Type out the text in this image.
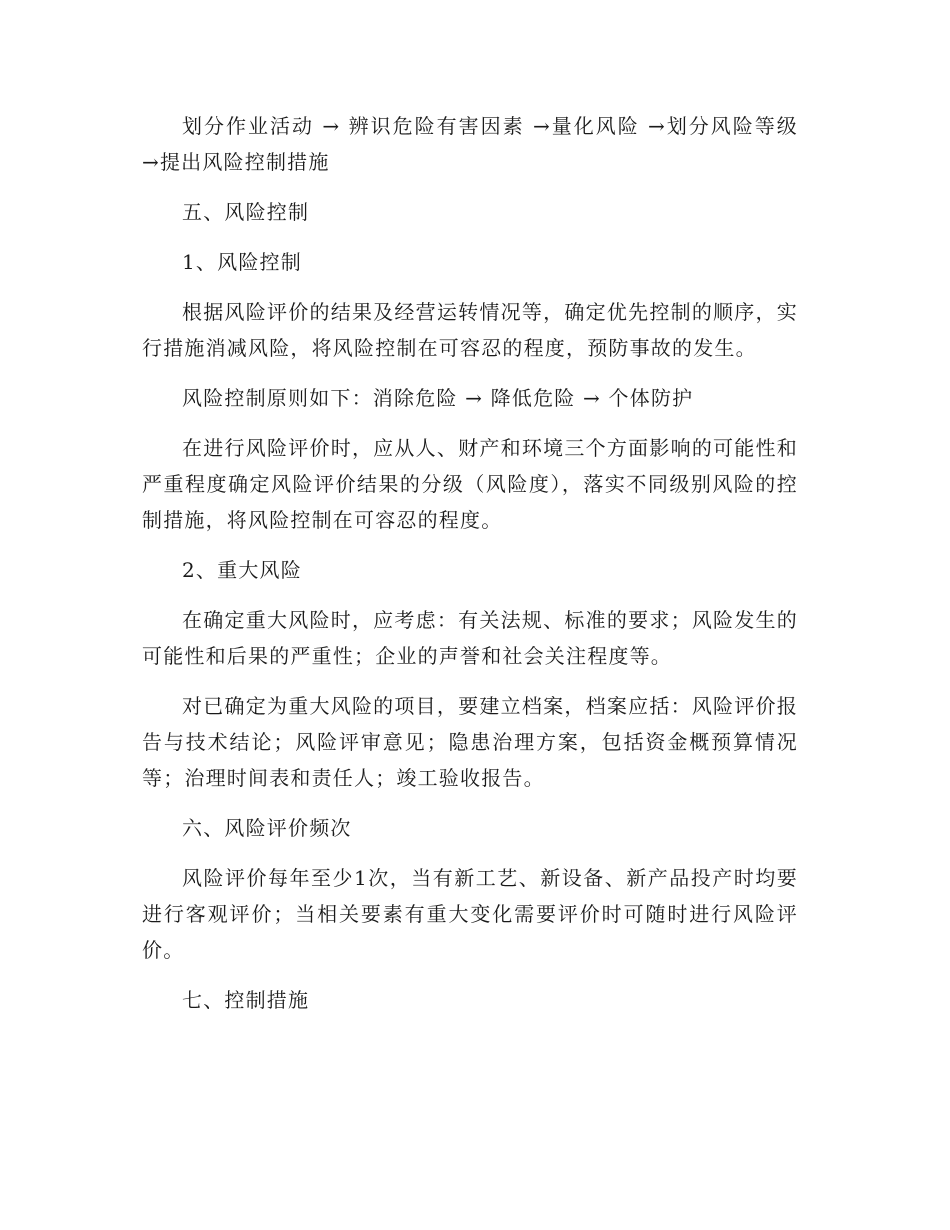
划分作业活动 → 辨识危险有害因素 →量化风险 →划分风险等级 →提出风险控制措施

五、风险控制

1、风险控制

根据风险评价的结果及经营运转情况等，确定优先控制的顺序，实行措施消减风险，将风险控制在可容忍的程度，预防事故的发生。

风险控制原则如下：消除危险 → 降低危险 → 个体防护

在进行风险评价时，应从人、财产和环境三个方面影响的可能性和严重程度确定风险评价结果的分级（风险度），落实不同级别风险的控制措施，将风险控制在可容忍的程度。

2、重大风险

在确定重大风险时，应考虑：有关法规、标准的要求；风险发生的可能性和后果的严重性；企业的声誉和社会关注程度等。

对已确定为重大风险的项目，要建立档案，档案应括：风险评价报告与技术结论；风险评审意见；隐患治理方案，包括资金概预算情况等；治理时间表和责任人；竣工验收报告。

六、风险评价频次

风险评价每年至少1次，当有新工艺、新设备、新产品投产时均要进行客观评价；当相关要素有重大变化需要评价时可随时进行风险评价。

七、控制措施
